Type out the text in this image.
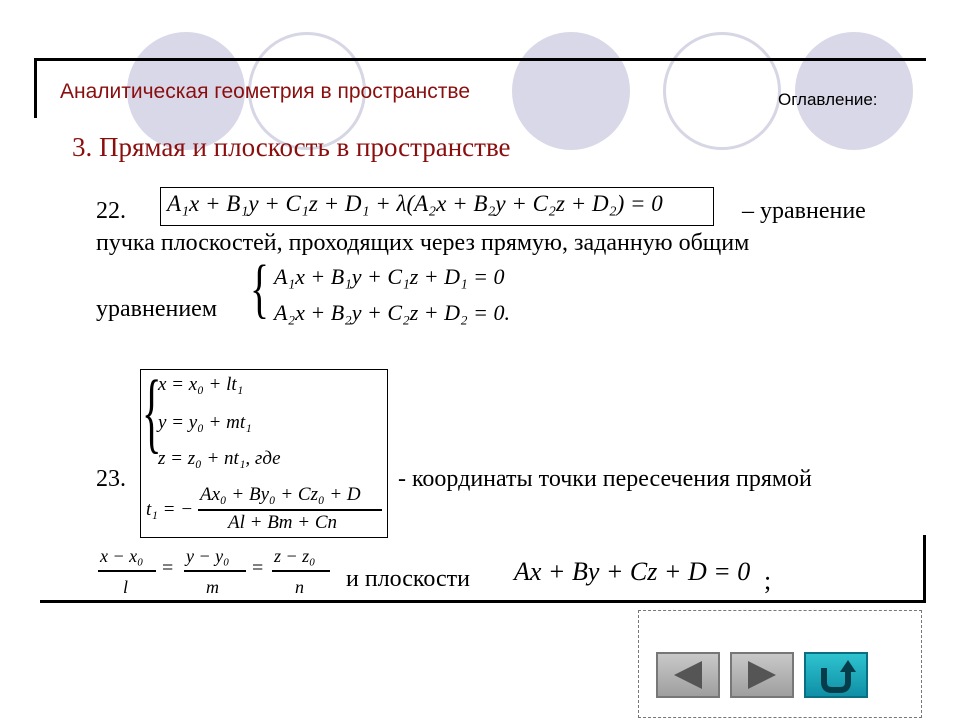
Аналитическая геометрия в пространстве	Оглавление:
3. Прямая и плоскость в пространстве
22. A₁x + B₁y + C₁z + D₁ + λ(A₂x + B₂y + C₂z + D₂) = 0	– уравнение
пучка плоскостей, проходящих через прямую, заданную общим
уравнением { A₁x + B₁y + C₁z + D₁ = 0
A₂x + B₂y + C₂z + D₂ = 0.
{
x = x₀ + lt₁
y = y₀ + mt₁
z = z₀ + nt₁, где
t₁ = −
Ax₀ + By₀ + Cz₀ + D
Al + Bm + Cn
23.	- координаты точки пересечения прямой
x − x₀
l
=
y − y₀
m
=
z − z₀
n и плоскости Ax + By + Cz + D = 0 ;
